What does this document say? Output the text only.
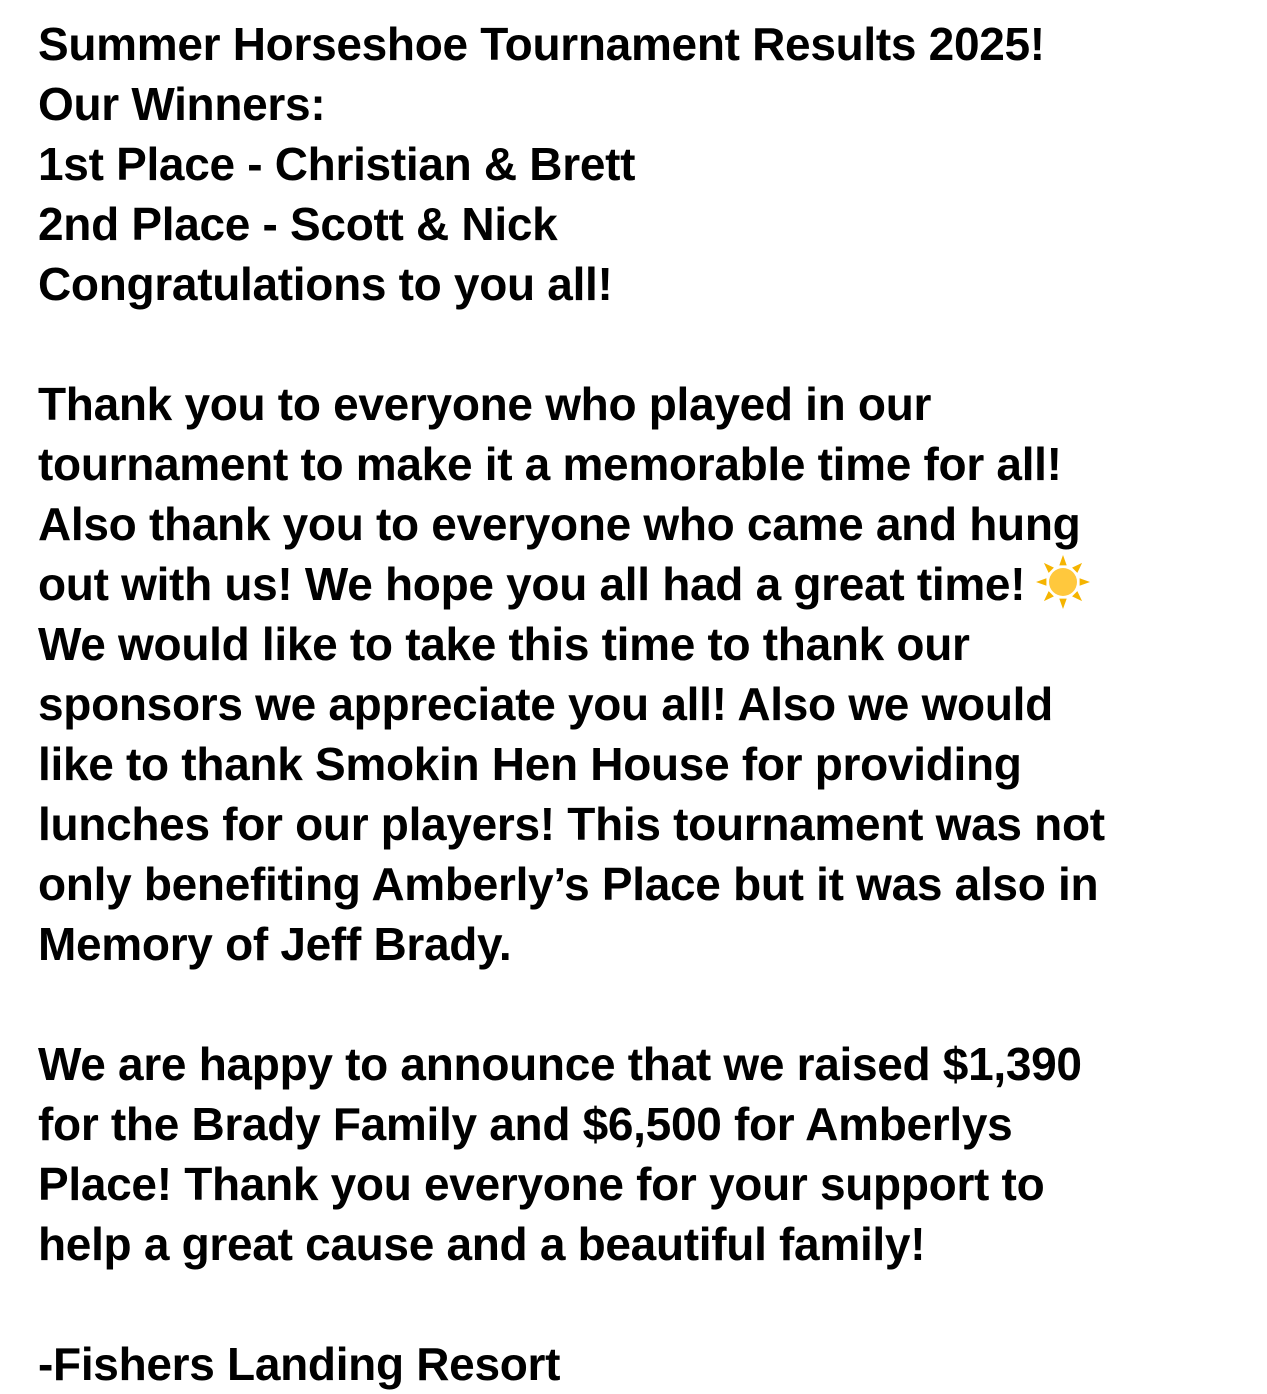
Summer Horseshoe Tournament Results 2025!
Our Winners:
1st Place - Christian & Brett
2nd Place - Scott & Nick
Congratulations to you all!
Thank you to everyone who played in our
tournament to make it a memorable time for all!
Also thank you to everyone who came and hung
out with us! We hope you all had a great time!
We would like to take this time to thank our
sponsors we appreciate you all! Also we would
like to thank Smokin Hen House for providing
lunches for our players! This tournament was not
only benefiting Amberly’s Place but it was also in
Memory of Jeff Brady.
We are happy to announce that we raised $1,390
for the Brady Family and $6,500 for Amberlys
Place! Thank you everyone for your support to
help a great cause and a beautiful family!
-Fishers Landing Resort
